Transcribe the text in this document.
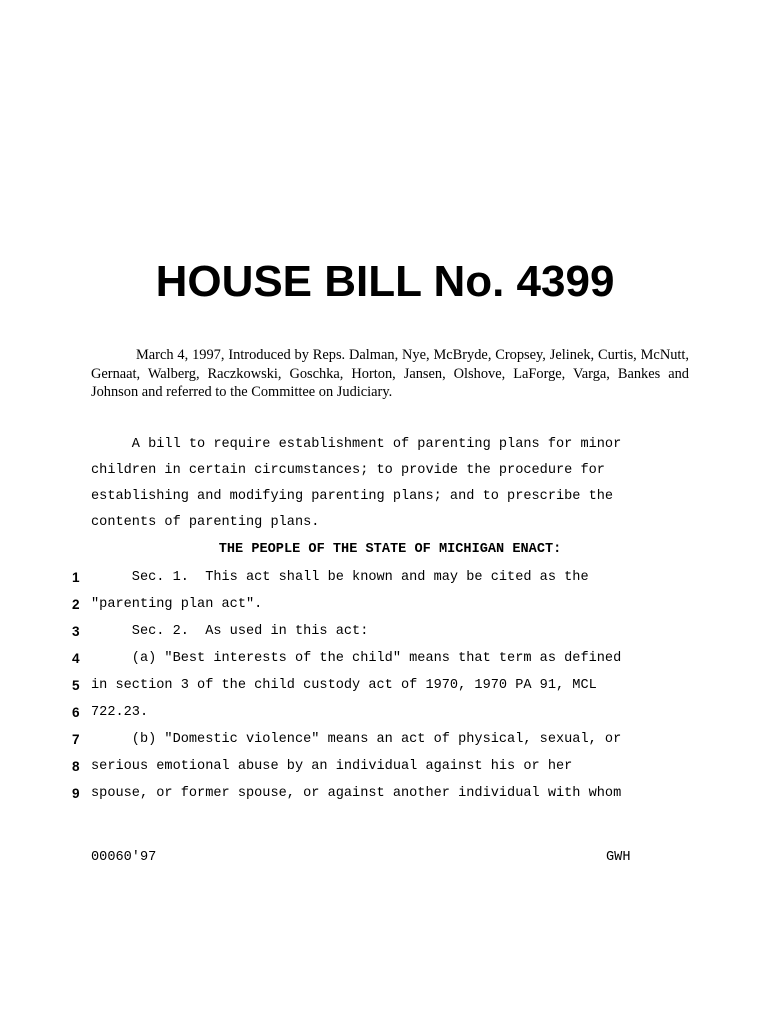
HOUSE BILL No. 4399

March 4, 1997, Introduced by Reps. Dalman, Nye, McBryde, Cropsey, Jelinek, Curtis, McNutt, Gernaat, Walberg, Raczkowski, Goschka, Horton, Jansen, Olshove, LaForge, Varga, Bankes and Johnson and referred to the Committee on Judiciary.

A bill to require establishment of parenting plans for minor
children in certain circumstances; to provide the procedure for
establishing and modifying parenting plans; and to prescribe the
contents of parenting plans.
THE PEOPLE OF THE STATE OF MICHIGAN ENACT:
1 Sec. 1.  This act shall be known and may be cited as the
2 "parenting plan act".
3 Sec. 2.  As used in this act:
4 (a) "Best interests of the child" means that term as defined
5 in section 3 of the child custody act of 1970, 1970 PA 91, MCL
6 722.23.
7 (b) "Domestic violence" means an act of physical, sexual, or
8 serious emotional abuse by an individual against his or her
9 spouse, or former spouse, or against another individual with whom
00060'97	GWH
